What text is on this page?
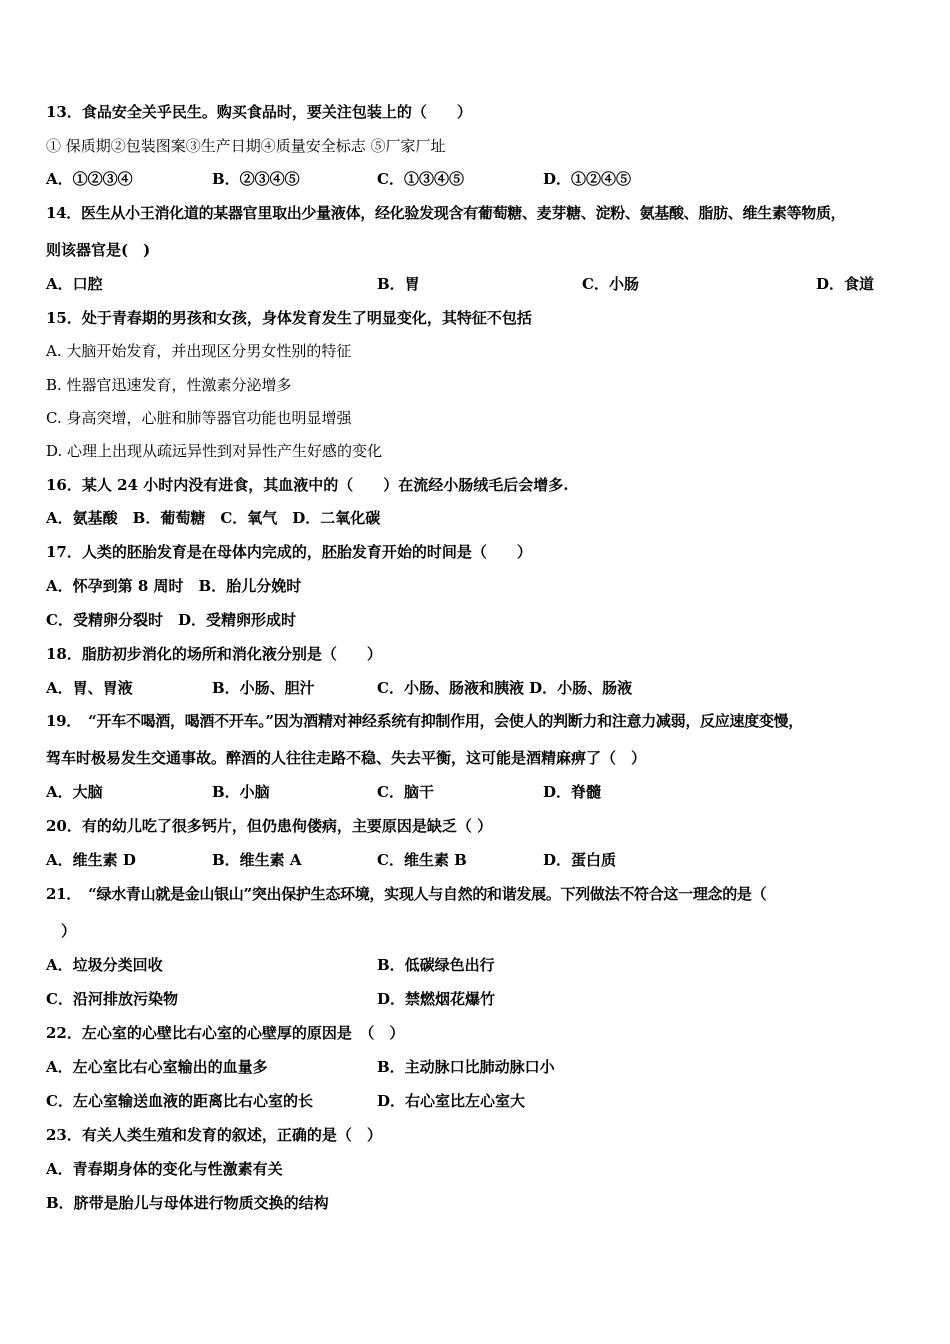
13．食品安全关乎民生。购买食品时，要关注包装上的（　　）
① 保质期②包装图案③生产日期④质量安全标志 ⑤厂家厂址
A．①②③④	B．②③④⑤	C．①③④⑤	D．①②④⑤
14．医生从小王消化道的某器官里取出少量液体，经化验发现含有葡萄糖、麦芽糖、淀粉、氨基酸、脂肪、维生素等物质，
则该器官是(　)
A．口腔	B．胃	C．小肠	D．食道
15．处于青春期的男孩和女孩，身体发育发生了明显变化，其特征不包括
A. 大脑开始发育，并出现区分男女性别的特征
B. 性器官迅速发育，性激素分泌增多
C. 身高突增，心脏和肺等器官功能也明显增强
D. 心理上出现从疏远异性到对异性产生好感的变化
16．某人 24 小时内没有进食，其血液中的（　　）在流经小肠绒毛后会增多.
A．氨基酸　B．葡萄糖　C．氧气　D．二氧化碳
17．人类的胚胎发育是在母体内完成的，胚胎发育开始的时间是（　　）
A．怀孕到第 8 周时　B．胎儿分娩时
C．受精卵分裂时　D．受精卵形成时
18．脂肪初步消化的场所和消化液分别是（　　）
A．胃、胃液	B．小肠、胆汁	C．小肠、肠液和胰液 D．小肠、肠液
19．　“开车不喝酒，喝酒不开车。”因为酒精对神经系统有抑制作用，会使人的判断力和注意力减弱，反应速度变慢，
驾车时极易发生交通事故。醉酒的人往往走路不稳、失去平衡，这可能是酒精麻痹了（　）
A．大脑	B．小脑	C．脑干	D．脊髓
20．有的幼儿吃了很多钙片，但仍患佝偻病，主要原因是缺乏（ ）
A．维生素 D	B．维生素 A	C．维生素 B	D．蛋白质
21．　“绿水青山就是金山银山”突出保护生态环境，实现人与自然的和谐发展。下列做法不符合这一理念的是（
　）
A．垃圾分类回收	B．低碳绿色出行
C．沿河排放污染物	D．禁燃烟花爆竹
22．左心室的心壁比右心室的心壁厚的原因是　（　）
A．左心室比右心室输出的血量多	B．主动脉口比肺动脉口小
C．左心室输送血液的距离比右心室的长	D．右心室比左心室大
23．有关人类生殖和发育的叙述，正确的是（　）
A．青春期身体的变化与性激素有关
B．脐带是胎儿与母体进行物质交换的结构
